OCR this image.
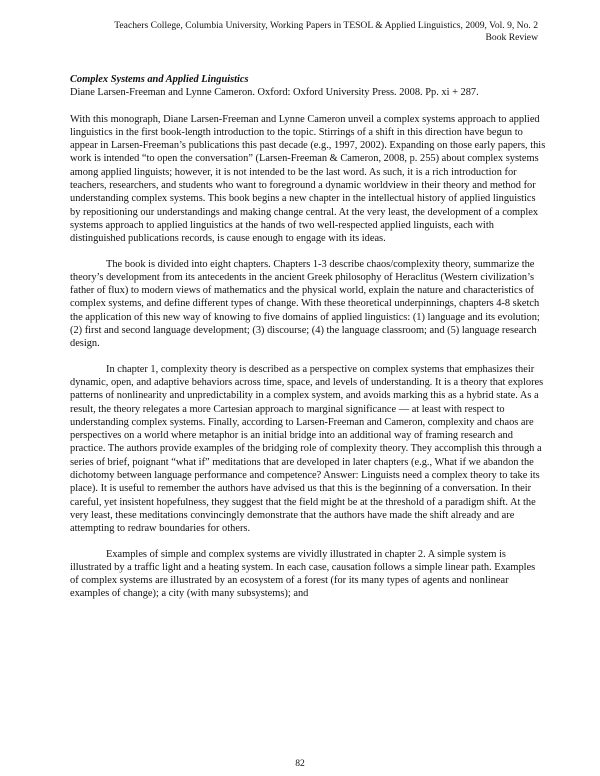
Teachers College, Columbia University, Working Papers in TESOL & Applied Linguistics, 2009, Vol. 9, No. 2
Book Review

Complex Systems and Applied Linguistics

Diane Larsen-Freeman and Lynne Cameron. Oxford: Oxford University Press. 2008. Pp. xi + 287.

With this monograph, Diane Larsen-Freeman and Lynne Cameron unveil a complex systems approach to applied linguistics in the first book-length introduction to the topic. Stirrings of a shift in this direction have begun to appear in Larsen-Freeman’s publications this past decade (e.g., 1997, 2002). Expanding on those early papers, this work is intended “to open the conversation” (Larsen-Freeman & Cameron, 2008, p. 255) about complex systems among applied linguists; however, it is not intended to be the last word. As such, it is a rich introduction for teachers, researchers, and students who want to foreground a dynamic worldview in their theory and method for understanding complex systems. This book begins a new chapter in the intellectual history of applied linguistics by repositioning our understandings and making change central. At the very least, the development of a complex systems approach to applied linguistics at the hands of two well-respected applied linguists, each with distinguished publications records, is cause enough to engage with its ideas.

The book is divided into eight chapters. Chapters 1-3 describe chaos/complexity theory, summarize the theory’s development from its antecedents in the ancient Greek philosophy of Heraclitus (Western civilization’s father of flux) to modern views of mathematics and the physical world, explain the nature and characteristics of complex systems, and define different types of change. With these theoretical underpinnings, chapters 4-8 sketch the application of this new way of knowing to five domains of applied linguistics: (1) language and its evolution; (2) first and second language development; (3) discourse; (4) the language classroom; and (5) language research design.

In chapter 1, complexity theory is described as a perspective on complex systems that emphasizes their dynamic, open, and adaptive behaviors across time, space, and levels of understanding. It is a theory that explores patterns of nonlinearity and unpredictability in a complex system, and avoids marking this as a hybrid state. As a result, the theory relegates a more Cartesian approach to marginal significance — at least with respect to understanding complex systems. Finally, according to Larsen-Freeman and Cameron, complexity and chaos are perspectives on a world where metaphor is an initial bridge into an additional way of framing research and practice. The authors provide examples of the bridging role of complexity theory. They accomplish this through a series of brief, poignant “what if” meditations that are developed in later chapters (e.g., What if we abandon the dichotomy between language performance and competence? Answer: Linguists need a complex theory to take its place). It is useful to remember the authors have advised us that this is the beginning of a conversation. In their careful, yet insistent hopefulness, they suggest that the field might be at the threshold of a paradigm shift. At the very least, these meditations convincingly demonstrate that the authors have made the shift already and are attempting to redraw boundaries for others.

Examples of simple and complex systems are vividly illustrated in chapter 2. A simple system is illustrated by a traffic light and a heating system. In each case, causation follows a simple linear path. Examples of complex systems are illustrated by an ecosystem of a forest (for its many types of agents and nonlinear examples of change); a city (with many subsystems); and

82
